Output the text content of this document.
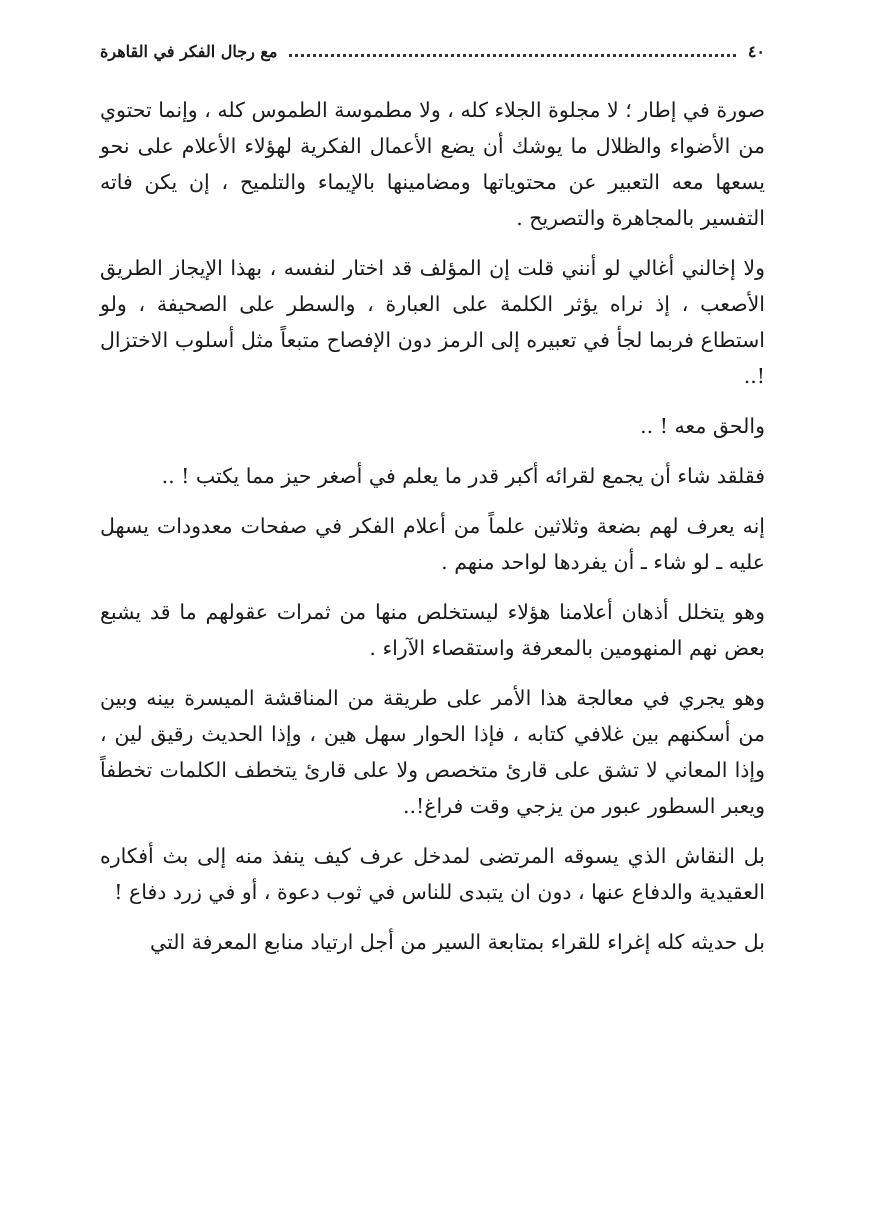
٤٠
مع رجال الفكر في القاهرة

صورة في إطار ؛ لا مجلوة الجلاء كله ، ولا مطموسة الطموس كله ، وإنما تحتوي من الأضواء والظلال ما يوشك أن يضع الأعمال الفكرية لهؤلاء الأعلام على نحو يسعها معه التعبير عن محتوياتها ومضامينها بالإيماء والتلميح ، إن يكن فاته التفسير بالمجاهرة والتصريح .

ولا إخالني أغالي لو أنني قلت إن المؤلف قد اختار لنفسه ، بهذا الإيجاز الطريق الأصعب ، إذ نراه يؤثر الكلمة على العبارة ، والسطر على الصحيفة ، ولو استطاع فربما لجأ في تعبيره إلى الرمز دون الإفصاح متبعاً مثل أسلوب الاختزال !..

والحق معه ! ..

فقلقد شاء أن يجمع لقرائه أكبر قدر ما يعلم في أصغر حيز مما يكتب ! ..

إنه يعرف لهم بضعة وثلاثين علماً من أعلام الفكر في صفحات معدودات يسهل عليه ـ لو شاء ـ أن يفردها لواحد منهم .

وهو يتخلل أذهان أعلامنا هؤلاء ليستخلص منها من ثمرات عقولهم ما قد يشبع بعض نهم المنهومين بالمعرفة واستقصاء الآراء .

وهو يجري في معالجة هذا الأمر على طريقة من المناقشة الميسرة بينه وبين من أسكنهم بين غلافي كتابه ، فإذا الحوار سهل هين ، وإذا الحديث رقيق لين ، وإذا المعاني لا تشق على قارئ متخصص ولا على قارئ يتخطف الكلمات تخطفاً ويعبر السطور عبور من يزجي وقت فراغ!..

بل النقاش الذي يسوقه المرتضى لمدخل عرف كيف ينفذ منه إلى بث أفكاره العقيدية والدفاع عنها ، دون ان يتبدى للناس في ثوب دعوة ، أو في زرد دفاع !

بل حديثه كله إغراء للقراء بمتابعة السير من أجل ارتياد منابع المعرفة التي
